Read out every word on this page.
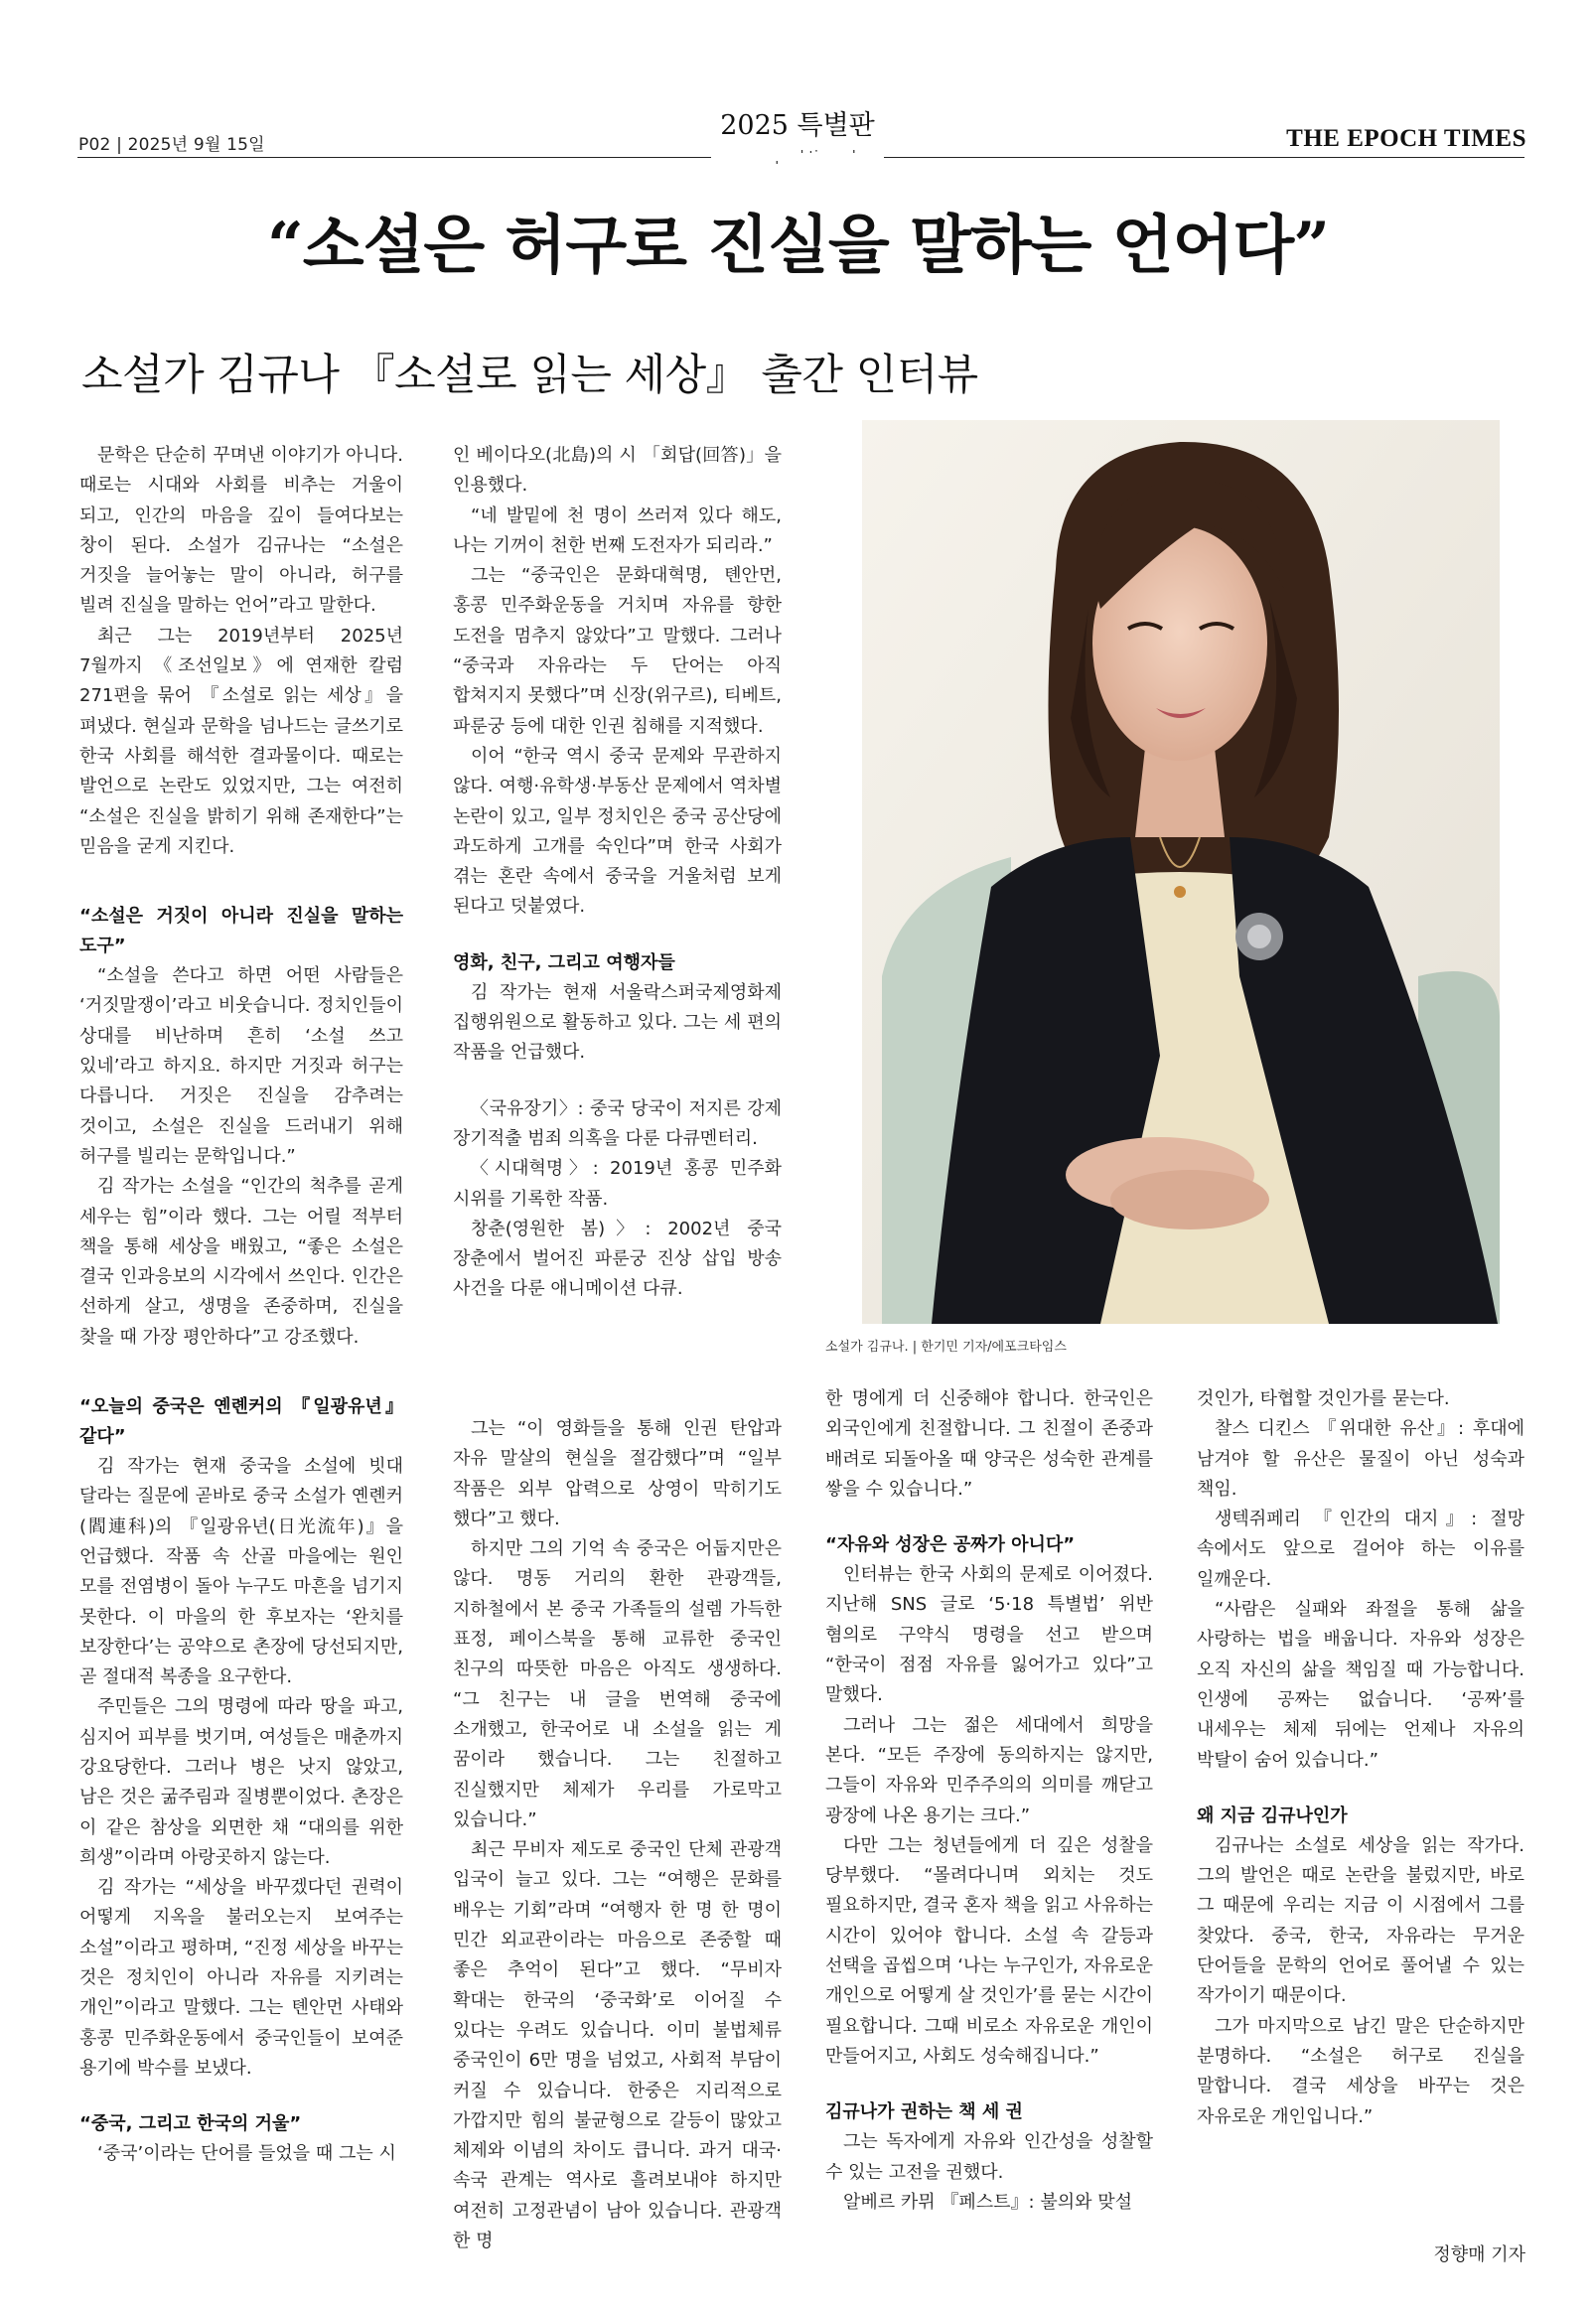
P02 | 2025년 9월 15일
2025 특별판	THE EPOCH TIMES
“소설은 허구로 진실을 말하는 언어다”
소설가 김규나 『소설로 읽는 세상』 출간 인터뷰
소설가 김규나. | 한기민 기자/에포크타임스

문학은 단순히 꾸며낸 이야기가 아니다. 때로는 시대와 사회를 비추는 거울이 되고, 인간의 마음을 깊이 들여다보는 창이 된다. 소설가 김규나는 “소설은 거짓을 늘어놓는 말이 아니라, 허구를 빌려 진실을 말하는 언어”라고 말한다.

최근 그는 2019년부터 2025년 7월까지 《조선일보》에 연재한 칼럼 271편을 묶어 『소설로 읽는 세상』을 펴냈다. 현실과 문학을 넘나드는 글쓰기로 한국 사회를 해석한 결과물이다. 때로는 발언으로 논란도 있었지만, 그는 여전히 “소설은 진실을 밝히기 위해 존재한다”는 믿음을 굳게 지킨다.

“소설은 거짓이 아니라 진실을 말하는 도구”

“소설을 쓴다고 하면 어떤 사람들은 ‘거짓말쟁이’라고 비웃습니다. 정치인들이 상대를 비난하며 흔히 ‘소설 쓰고 있네’라고 하지요. 하지만 거짓과 허구는 다릅니다. 거짓은 진실을 감추려는 것이고, 소설은 진실을 드러내기 위해 허구를 빌리는 문학입니다.”

김 작가는 소설을 “인간의 척추를 곧게 세우는 힘”이라 했다. 그는 어릴 적부터 책을 통해 세상을 배웠고, “좋은 소설은 결국 인과응보의 시각에서 쓰인다. 인간은 선하게 살고, 생명을 존중하며, 진실을 찾을 때 가장 평안하다”고 강조했다.

“오늘의 중국은 옌롄커의 『일광유년』 같다”

김 작가는 현재 중국을 소설에 빗대 달라는 질문에 곧바로 중국 소설가 옌롄커(閻連科)의 『일광유년(日光流年)』을 언급했다. 작품 속 산골 마을에는 원인 모를 전염병이 돌아 누구도 마흔을 넘기지 못한다. 이 마을의 한 후보자는 ‘완치를 보장한다’는 공약으로 촌장에 당선되지만, 곧 절대적 복종을 요구한다.

주민들은 그의 명령에 따라 땅을 파고, 심지어 피부를 벗기며, 여성들은 매춘까지 강요당한다. 그러나 병은 낫지 않았고, 남은 것은 굶주림과 질병뿐이었다. 촌장은 이 같은 참상을 외면한 채 “대의를 위한 희생”이라며 아랑곳하지 않는다.

김 작가는 “세상을 바꾸겠다던 권력이 어떻게 지옥을 불러오는지 보여주는 소설”이라고 평하며, “진정 세상을 바꾸는 것은 정치인이 아니라 자유를 지키려는 개인”이라고 말했다. 그는 톈안먼 사태와 홍콩 민주화운동에서 중국인들이 보여준 용기에 박수를 보냈다.

“중국, 그리고 한국의 거울”

‘중국’이라는 단어를 들었을 때 그는 시

인 베이다오(北島)의 시 「회답(回答)」을 인용했다.

“네 발밑에 천 명이 쓰러져 있다 해도, 나는 기꺼이 천한 번째 도전자가 되리라.”

그는 “중국인은 문화대혁명, 톈안먼, 홍콩 민주화운동을 거치며 자유를 향한 도전을 멈추지 않았다”고 말했다. 그러나 “중국과 자유라는 두 단어는 아직 합쳐지지 못했다”며 신장(위구르), 티베트, 파룬궁 등에 대한 인권 침해를 지적했다.

이어 “한국 역시 중국 문제와 무관하지 않다. 여행·유학생·부동산 문제에서 역차별 논란이 있고, 일부 정치인은 중국 공산당에 과도하게 고개를 숙인다”며 한국 사회가 겪는 혼란 속에서 중국을 거울처럼 보게 된다고 덧붙였다.

영화, 친구, 그리고 여행자들

김 작가는 현재 서울락스퍼국제영화제 집행위원으로 활동하고 있다. 그는 세 편의 작품을 언급했다.

〈국유장기〉: 중국 당국이 저지른 강제 장기적출 범죄 의혹을 다룬 다큐멘터리.

〈시대혁명〉: 2019년 홍콩 민주화 시위를 기록한 작품.

창춘(영원한 봄)〉: 2002년 중국 장춘에서 벌어진 파룬궁 진상 삽입 방송 사건을 다룬 애니메이션 다큐.

그는 “이 영화들을 통해 인권 탄압과 자유 말살의 현실을 절감했다”며 “일부 작품은 외부 압력으로 상영이 막히기도 했다”고 했다.

하지만 그의 기억 속 중국은 어둡지만은 않다. 명동 거리의 환한 관광객들, 지하철에서 본 중국 가족들의 설렘 가득한 표정, 페이스북을 통해 교류한 중국인 친구의 따뜻한 마음은 아직도 생생하다. “그 친구는 내 글을 번역해 중국에 소개했고, 한국어로 내 소설을 읽는 게 꿈이라 했습니다. 그는 친절하고 진실했지만 체제가 우리를 가로막고 있습니다.”

최근 무비자 제도로 중국인 단체 관광객 입국이 늘고 있다. 그는 “여행은 문화를 배우는 기회”라며 “여행자 한 명 한 명이 민간 외교관이라는 마음으로 존중할 때 좋은 추억이 된다”고 했다. “무비자 확대는 한국의 ‘중국화’로 이어질 수 있다는 우려도 있습니다. 이미 불법체류 중국인이 6만 명을 넘었고, 사회적 부담이 커질 수 있습니다. 한중은 지리적으로 가깝지만 힘의 불균형으로 갈등이 많았고 체제와 이념의 차이도 큽니다. 과거 대국·속국 관계는 역사로 흘려보내야 하지만 여전히 고정관념이 남아 있습니다. 관광객 한 명

한 명에게 더 신중해야 합니다. 한국인은 외국인에게 친절합니다. 그 친절이 존중과 배려로 되돌아올 때 양국은 성숙한 관계를 쌓을 수 있습니다.”

“자유와 성장은 공짜가 아니다”

인터뷰는 한국 사회의 문제로 이어졌다. 지난해 SNS 글로 ‘5·18 특별법’ 위반 혐의로 구약식 명령을 선고 받으며 “한국이 점점 자유를 잃어가고 있다”고 말했다.

그러나 그는 젊은 세대에서 희망을 본다. “모든 주장에 동의하지는 않지만, 그들이 자유와 민주주의의 의미를 깨닫고 광장에 나온 용기는 크다.”

다만 그는 청년들에게 더 깊은 성찰을 당부했다. “몰려다니며 외치는 것도 필요하지만, 결국 혼자 책을 읽고 사유하는 시간이 있어야 합니다. 소설 속 갈등과 선택을 곱씹으며 ‘나는 누구인가, 자유로운 개인으로 어떻게 살 것인가’를 묻는 시간이 필요합니다. 그때 비로소 자유로운 개인이 만들어지고, 사회도 성숙해집니다.”

김규나가 권하는 책 세 권

그는 독자에게 자유와 인간성을 성찰할 수 있는 고전을 권했다.

알베르 카뮈 『페스트』: 불의와 맞설

것인가, 타협할 것인가를 묻는다.

찰스 디킨스 『위대한 유산』: 후대에 남겨야 할 유산은 물질이 아닌 성숙과 책임.

생텍쥐페리 『인간의 대지』: 절망 속에서도 앞으로 걸어야 하는 이유를 일깨운다.

“사람은 실패와 좌절을 통해 삶을 사랑하는 법을 배웁니다. 자유와 성장은 오직 자신의 삶을 책임질 때 가능합니다. 인생에 공짜는 없습니다. ‘공짜’를 내세우는 체제 뒤에는 언제나 자유의 박탈이 숨어 있습니다.”

왜 지금 김규나인가

김규나는 소설로 세상을 읽는 작가다. 그의 발언은 때로 논란을 불렀지만, 바로 그 때문에 우리는 지금 이 시점에서 그를 찾았다. 중국, 한국, 자유라는 무거운 단어들을 문학의 언어로 풀어낼 수 있는 작가이기 때문이다.

그가 마지막으로 남긴 말은 단순하지만 분명하다. “소설은 허구로 진실을 말합니다. 결국 세상을 바꾸는 것은 자유로운 개인입니다.”

정향매 기자
